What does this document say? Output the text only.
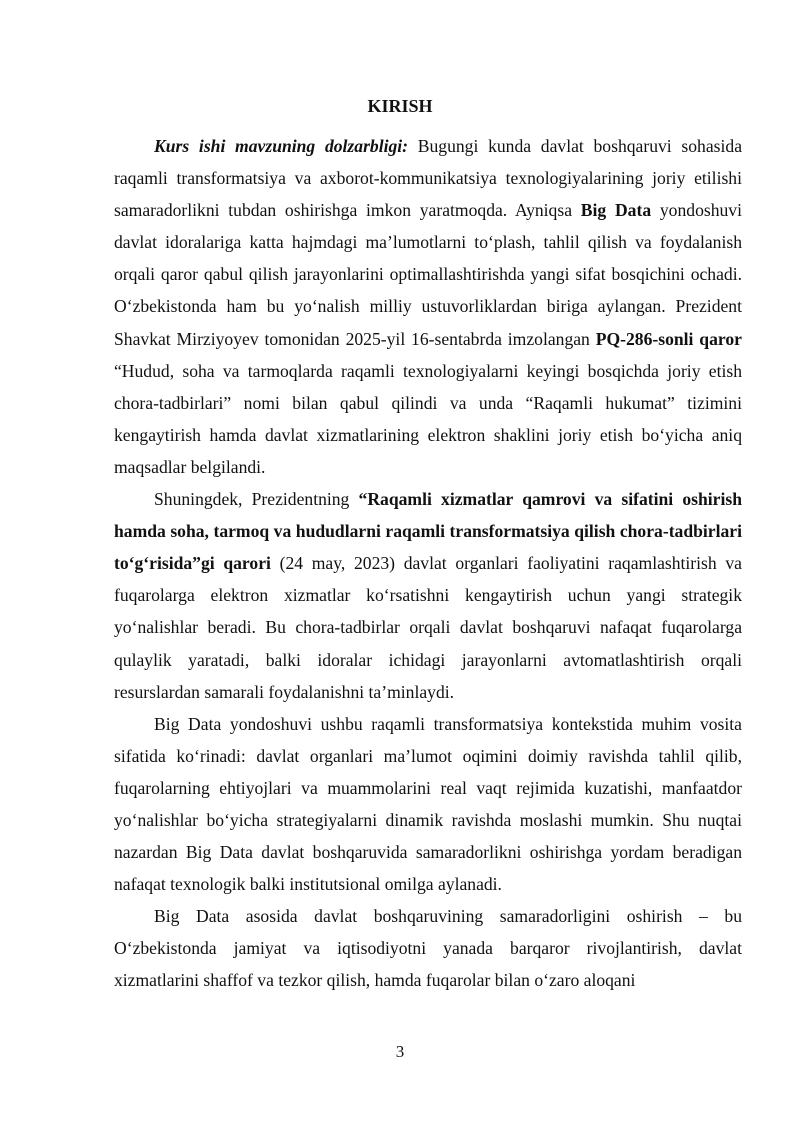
KIRISH

Kurs ishi mavzuning dolzarbligi: Bugungi kunda davlat boshqaruvi sohasida raqamli transformatsiya va axborot-kommunikatsiya texnologiyalarining joriy etilishi samaradorlikni tubdan oshirishga imkon yaratmoqda. Ayniqsa Big Data yondoshuvi davlat idoralariga katta hajmdagi ma’lumotlarni to‘plash, tahlil qilish va foydalanish orqali qaror qabul qilish jarayonlarini optimallashtirishda yangi sifat bosqichini ochadi. O‘zbekistonda ham bu yo‘nalish milliy ustuvorliklardan biriga aylangan. Prezident Shavkat Mirziyoyev tomonidan 2025-yil 16-sentabrda imzolangan PQ-286-sonli qaror “Hudud, soha va tarmoqlarda raqamli texnologiyalarni keyingi bosqichda joriy etish chora-tadbirlari” nomi bilan qabul qilindi va unda “Raqamli hukumat” tizimini kengaytirish hamda davlat xizmatlarining elektron shaklini joriy etish bo‘yicha aniq maqsadlar belgilandi.

Shuningdek, Prezidentning “Raqamli xizmatlar qamrovi va sifatini oshirish hamda soha, tarmoq va hududlarni raqamli transformatsiya qilish chora-tadbirlari to‘g‘risida”gi qarori (24 may, 2023) davlat organlari faoliyatini raqamlashtirish va fuqarolarga elektron xizmatlar ko‘rsatishni kengaytirish uchun yangi strategik yo‘nalishlar beradi. Bu chora-tadbirlar orqali davlat boshqaruvi nafaqat fuqarolarga qulaylik yaratadi, balki idoralar ichidagi jarayonlarni avtomatlashtirish orqali resurslardan samarali foydalanishni ta’minlaydi.

Big Data yondoshuvi ushbu raqamli transformatsiya kontekstida muhim vosita sifatida ko‘rinadi: davlat organlari ma’lumot oqimini doimiy ravishda tahlil qilib, fuqarolarning ehtiyojlari va muammolarini real vaqt rejimida kuzatishi, manfaatdor yo‘nalishlar bo‘yicha strategiyalarni dinamik ravishda moslashi mumkin. Shu nuqtai nazardan Big Data davlat boshqaruvida samaradorlikni oshirishga yordam beradigan nafaqat texnologik balki institutsional omilga aylanadi.

Big Data asosida davlat boshqaruvining samaradorligini oshirish – bu O‘zbekistonda jamiyat va iqtisodiyotni yanada barqaror rivojlantirish, davlat xizmatlarini shaffof va tezkor qilish, hamda fuqarolar bilan o‘zaro aloqani

3
